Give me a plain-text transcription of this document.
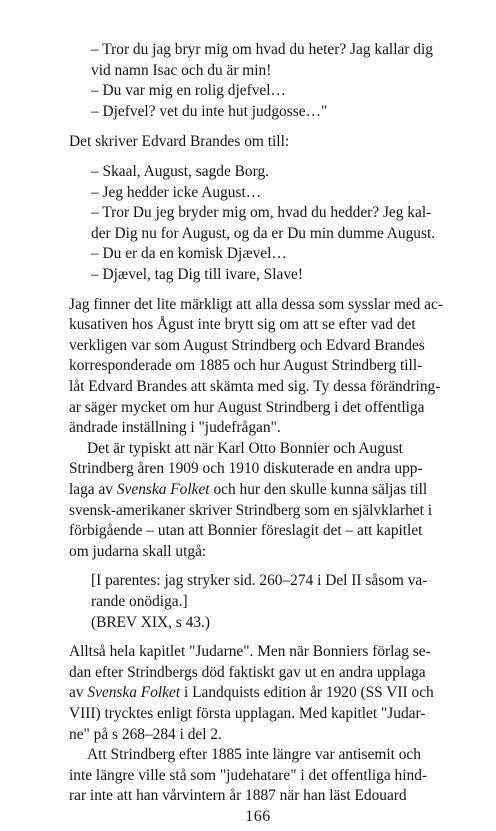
– Tror du jag bryr mig om hvad du heter? Jag kallar dig
vid namn Isac och du är min!
– Du var mig en rolig djefvel…
– Djefvel? vet du inte hut judgosse…"
Det skriver Edvard Brandes om till:
– Skaal, August, sagde Borg.
– Jeg hedder icke August…
– Tror Du jeg bryder mig om, hvad du hedder? Jeg kal-
der Dig nu for August, og da er Du min dumme August.
– Du er da en komisk Djævel…
– Djævel, tag Dig till ivare, Slave!
Jag finner det lite märkligt att alla dessa som sysslar med ac-
kusativen hos Ågust inte brytt sig om att se efter vad det
verkligen var som August Strindberg och Edvard Brandes
korresponderade om 1885 och hur August Strindberg till-
låt Edvard Brandes att skämta med sig. Ty dessa förändring-
ar säger mycket om hur August Strindberg i det offentliga
ändrade inställning i "judefrågan".
Det är typiskt att när Karl Otto Bonnier och August
Strindberg åren 1909 och 1910 diskuterade en andra upp-
laga av Svenska Folket och hur den skulle kunna säljas till
svensk-amerikaner skriver Strindberg som en självklarhet i
förbigående – utan att Bonnier föreslagit det – att kapitlet
om judarna skall utgå:
[I parentes: jag stryker sid. 260–274 i Del II såsom va-
rande onödiga.]
(BREV XIX, s 43.)
Alltså hela kapitlet "Judarne". Men när Bonniers förlag se-
dan efter Strindbergs död faktiskt gav ut en andra upplaga
av Svenska Folket i Landquists edition år 1920 (SS VII och
VIII) trycktes enligt första upplagan. Med kapitlet "Judar-
ne" på s 268–284 i del 2.
Att Strindberg efter 1885 inte längre var antisemit och
inte längre ville stå som "judehatare" i det offentliga hind-
rar inte att han vårvintern år 1887 när han läst Edouard
166
